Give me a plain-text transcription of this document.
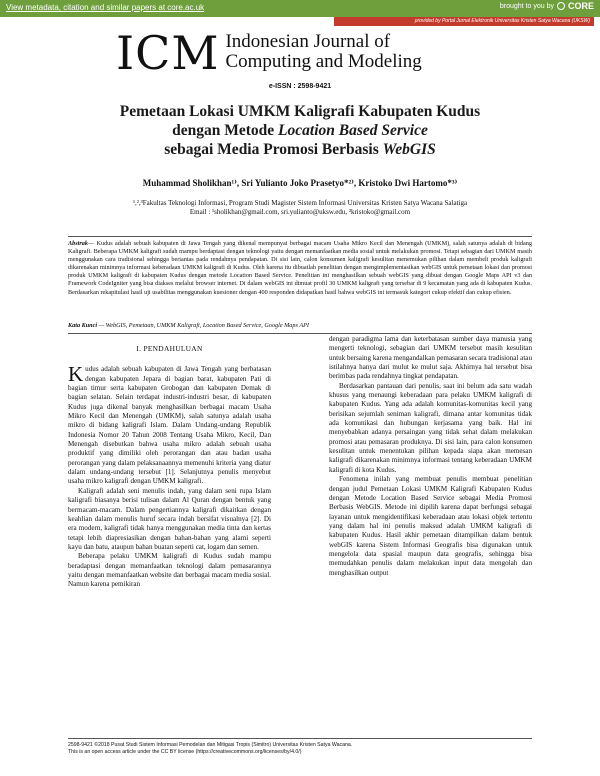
View metadata, citation and similar papers at core.ac.uk	brought to you by CORE
provided by Portal Jurnal Elektronik Universitas Kristen Satya Wacana (UKSW)
ICM Indonesian Journal of
Computing and Modeling
e-ISSN : 2598-9421
Pemetaan Lokasi UMKM Kaligrafi Kabupaten Kudus
dengan Metode Location Based Service
sebagai Media Promosi Berbasis WebGIS
Muhammad Sholikhan¹⁾, Sri Yulianto Joko Prasetyo*²⁾, Kristoko Dwi Hartomo*³⁾
¹,²,³Fakultas Teknologi Informasi, Program Studi Magister Sistem Informasi Universitas Kristen Satya Wacana Salatiga
Email : ¹sholikhan@gmail.com, sri.yulianto@uksw.edu, ³kristoko@gmail.com
Abstrak— Kudus adalah sebuah kabupaten di Jawa Tengah yang dikenal mempunyai berbagai macam Usaha Mikro Kecil dan Menengah (UMKM), salah satunya adalah di bidang Kaligrafi. Beberapa UMKM kaligrafi sudah mampu berdaptasi dengan teknologi yaitu dengan memanfaatkan media sosial untuk melakukan promosi. Tetapi sebagian dari UMKM masih menggunakan cara tradisional sehingga beriantas pada rendahnya pendapatan. Di sisi lain, calon konsumen kaligrafi kesulitan menemukan pilihan dalam membeli produk kaligrafi dikarenakan minimnya informasi keberadaan UMKM kaligrafi di Kudus. Oleh karena itu dibuatlah penelitian dengan mengimplementasikan webGIS untuk pemetaan lokasi dan promosi produk UMKM kaligrafi di kabupaten Kudus dengan metode Location Based Service. Penelitian ini menghasilkan sebuah webGIS yang dibuat dengan Google Maps API v3 dan Framework CodeIgniter yang bisa diakses melalui browser internet. Di dalam webGIS ini dimuat profil 30 UMKM kaligrafi yang tersebar di 9 kecamatan yang ada di kabupaten Kudus. Berdasarkan rekapitulasi hasil uji usabilitas menggunakan kuesioner dengan 400 responden didapatkan hasil bahwa webGIS ini termasuk kategori cukup efektif dan cukup efisien.
Kata Kunci — WebGIS, Pemetaan, UMKM Kaligrafi, Location Based Service, Google Maps API
I. PENDAHULUAN

Kudus adalah sebuah kabupaten di Jawa Tengah yang berbatasan dengan kabupaten Jepara di bagian barat, kabupaten Pati di bagian timur serta kabupaten Grobogan dan kabupaten Demak di bagian selatan. Selain terdapat industri-industri besar, di kabupaten Kudus juga dikenal banyak menghasilkan berbagai macam Usaha Mikro Kecil dan Menengah (UMKM), salah satunya adalah usaha mikro di bidang kaligrafi Islam. Dalam Undang-undang Republik Indonesia Nomor 20 Tahun 2008 Tentang Usaha Mikro, Kecil, Dan Menengah disebutkan bahwa usaha mikro adalah sebuah usaha produktif yang dimiliki oleh perorangan dan atau badan usaha perorangan yang dalam pelaksanaannya memenuhi kriteria yang diatur dalam undang-undang tersebut [1]. Selanjutnya penulis menyebut usaha mikro kaligrafi dengan UMKM kaligrafi.

Kaligrafi adalah seni menulis indah, yang dalam seni rupa Islam kaligrafi biasanya berisi tulisan dalam Al Quran dengan bentuk yang bermacam-macam. Dalam pengertiannya kaligrafi dikaitkan dengan keahlian dalam menulis huruf secara indah bersifat visualnya [2]. Di era modern, kaligrafi tidak hanya menggunakan media tinta dan kertas tetapi lebih diapresiasikan dengan bahan-bahan yang alami seperti kayu dan batu, ataupun bahan buatan seperti cat, logam dan semen.

Beberapa pelaku UMKM kaligrafi di Kudus sudah mampu beradaptasi dengan memanfaatkan teknologi dalam pemasarannya yaitu dengan memanfaatkan website dan berbagai macam media sosial. Namun karena pemikiran

dengan paradigma lama dan keterbatasan sumber daya manusia yang mengerti teknologi, sebagian dari UMKM tersebut masih kesulitan untuk bersaing karena mengandalkan pemasaran secara tradisional atau istilahnya hanya dari mulut ke mulut saja. Akhirnya hal tersebut bisa berimbas pada rendahnya tingkat pendapatan.

Berdasarkan pantauan dari penulis, saat ini belum ada satu wadah khusus yang menaungi keberadaan para pelaku UMKM kaligrafi di kabupaten Kudus. Yang ada adalah komunitas-komunitas kecil yang berisikan sejumlah seniman kaligrafi, dimana antar komunitas tidak ada komunikasi dan hubungan kerjasama yang baik. Hal ini menyebabkan adanya persaingan yang tidak sehat dalam melakukan promosi atau pemasaran produknya. Di sisi lain, para calon konsumen kesulitan untuk menentukan pilihan kepada siapa akan memesan kaligrafi dikarenakan minimnya informasi tentang keberadaan UMKM kaligrafi di kota Kudus.

Fenomena inilah yang membuat penulis membuat penelitian dengan judul Pemetaan Lokasi UMKM Kaligrafi Kabupaten Kudus dengan Metode Location Based Service sebagai Media Promosi Berbasis WebGIS. Metode ini dipilih karena dapat berfungsi sebagai layanan untuk mengidentifikasi keberadaan atau lokasi objek tertentu yang dalam hal ini penulis maksud adalah UMKM kaligrafi di kabupaten Kudus. Hasil akhir pemetaan ditampilkan dalam bentuk webGIS karena Sistem Informasi Geografis bisa digunakan untuk mengelola data spasial maupun data geografis, sehingga bisa memudahkan penulis dalam melakukan input data mengolah dan menghasilkan output

2598-9421 ©2018 Pusat Studi Sistem Informasi Pemodelan dan Mitigasi Tropis (Simitro) Universitas Kristen Satya Wacana.
This is an open access article under the CC BY license (https://creativecommons.org/licenses/by/4.0/)
